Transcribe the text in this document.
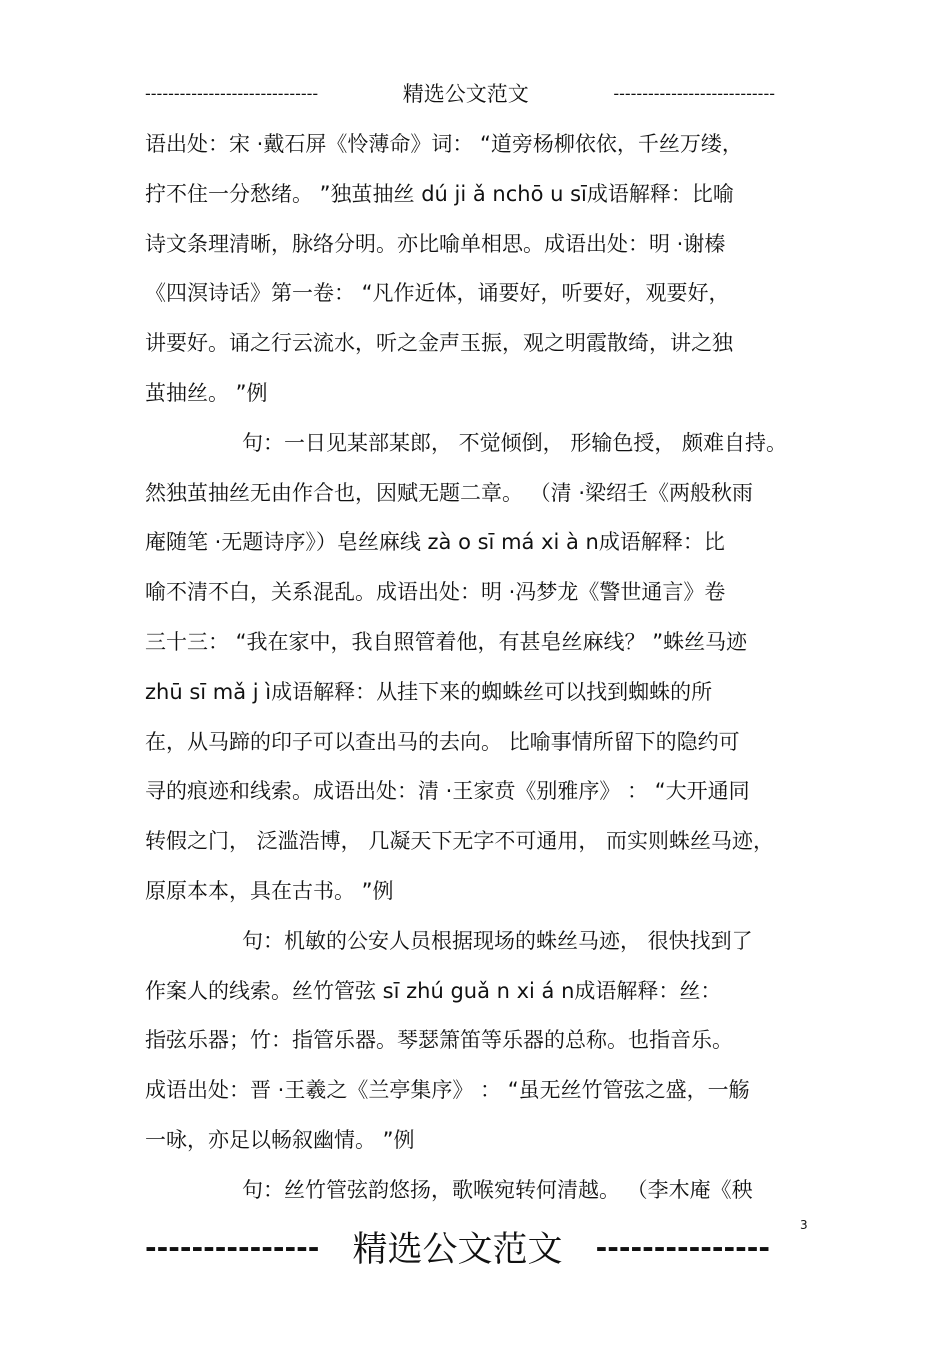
------------------------------	精选公文范文	----------------------------
语出处：宋 ·戴石屏《怜薄命》词： “道旁杨柳依依，千丝万缕，
拧不住一分愁绪。 ”独茧抽丝 dú ji ǎ nchō u sī成语解释：比喻
诗文条理清晰，脉络分明。亦比喻单相思。成语出处：明 ·谢榛
《四溟诗话》第一卷： “凡作近体，诵要好，听要好，观要好，
讲要好。诵之行云流水，听之金声玉振，观之明霞散绮，讲之独
茧抽丝。 ”例
句：一日见某部某郎， 不觉倾倒， 形输色授， 颇难自持。
然独茧抽丝无由作合也，因赋无题二章。 （清 ·梁绍壬《两般秋雨
庵随笔 ·无题诗序》）皂丝麻线 zà o sī má xi à n成语解释：比
喻不清不白，关系混乱。成语出处：明 ·冯梦龙《警世通言》卷
三十三： “我在家中，我自照管着他，有甚皂丝麻线？ ”蛛丝马迹
zhū sī mǎ j ì成语解释：从挂下来的蜘蛛丝可以找到蜘蛛的所
在，从马蹄的印子可以查出马的去向。 比喻事情所留下的隐约可
寻的痕迹和线索。成语出处：清 ·王家贲《别雅序》 ： “大开通同
转假之门， 泛滥浩博， 几凝天下无字不可通用， 而实则蛛丝马迹，
原原本本，具在古书。 ”例
句：机敏的公安人员根据现场的蛛丝马迹， 很快找到了
作案人的线索。丝竹管弦 sī zhú guǎ n xi á n成语解释：丝：
指弦乐器；竹：指管乐器。琴瑟箫笛等乐器的总称。也指音乐。
成语出处：晋 ·王羲之《兰亭集序》 ： “虽无丝竹管弦之盛，一觞
一咏，亦足以畅叙幽情。 ”例
句：丝竹管弦韵悠扬，歌喉宛转何清越。 （李木庵《秧
3
--------------- 精选公文范文 ---------------
